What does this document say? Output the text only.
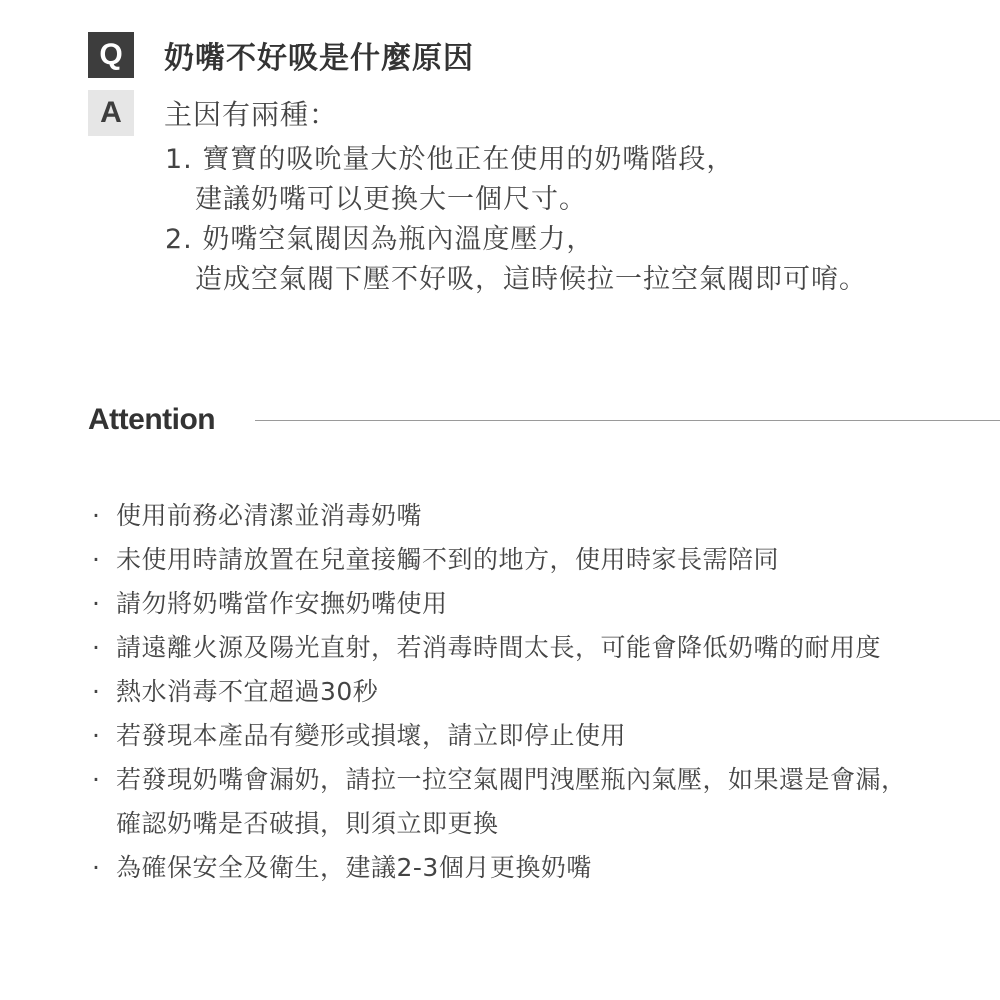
Q	奶嘴不好吸是什麼原因
A	主因有兩種：
1. 寶寶的吸吮量大於他正在使用的奶嘴階段，
建議奶嘴可以更換大一個尺寸。
2. 奶嘴空氣閥因為瓶內溫度壓力，
造成空氣閥下壓不好吸，這時候拉一拉空氣閥即可唷。
Attention
· 使用前務必清潔並消毒奶嘴
· 未使用時請放置在兒童接觸不到的地方，使用時家長需陪同
· 請勿將奶嘴當作安撫奶嘴使用
· 請遠離火源及陽光直射，若消毒時間太長，可能會降低奶嘴的耐用度
· 熱水消毒不宜超過30秒
· 若發現本產品有變形或損壞，請立即停止使用
· 若發現奶嘴會漏奶，請拉一拉空氣閥門洩壓瓶內氣壓，如果還是會漏，
確認奶嘴是否破損，則須立即更換
· 為確保安全及衛生，建議2-3個月更換奶嘴
